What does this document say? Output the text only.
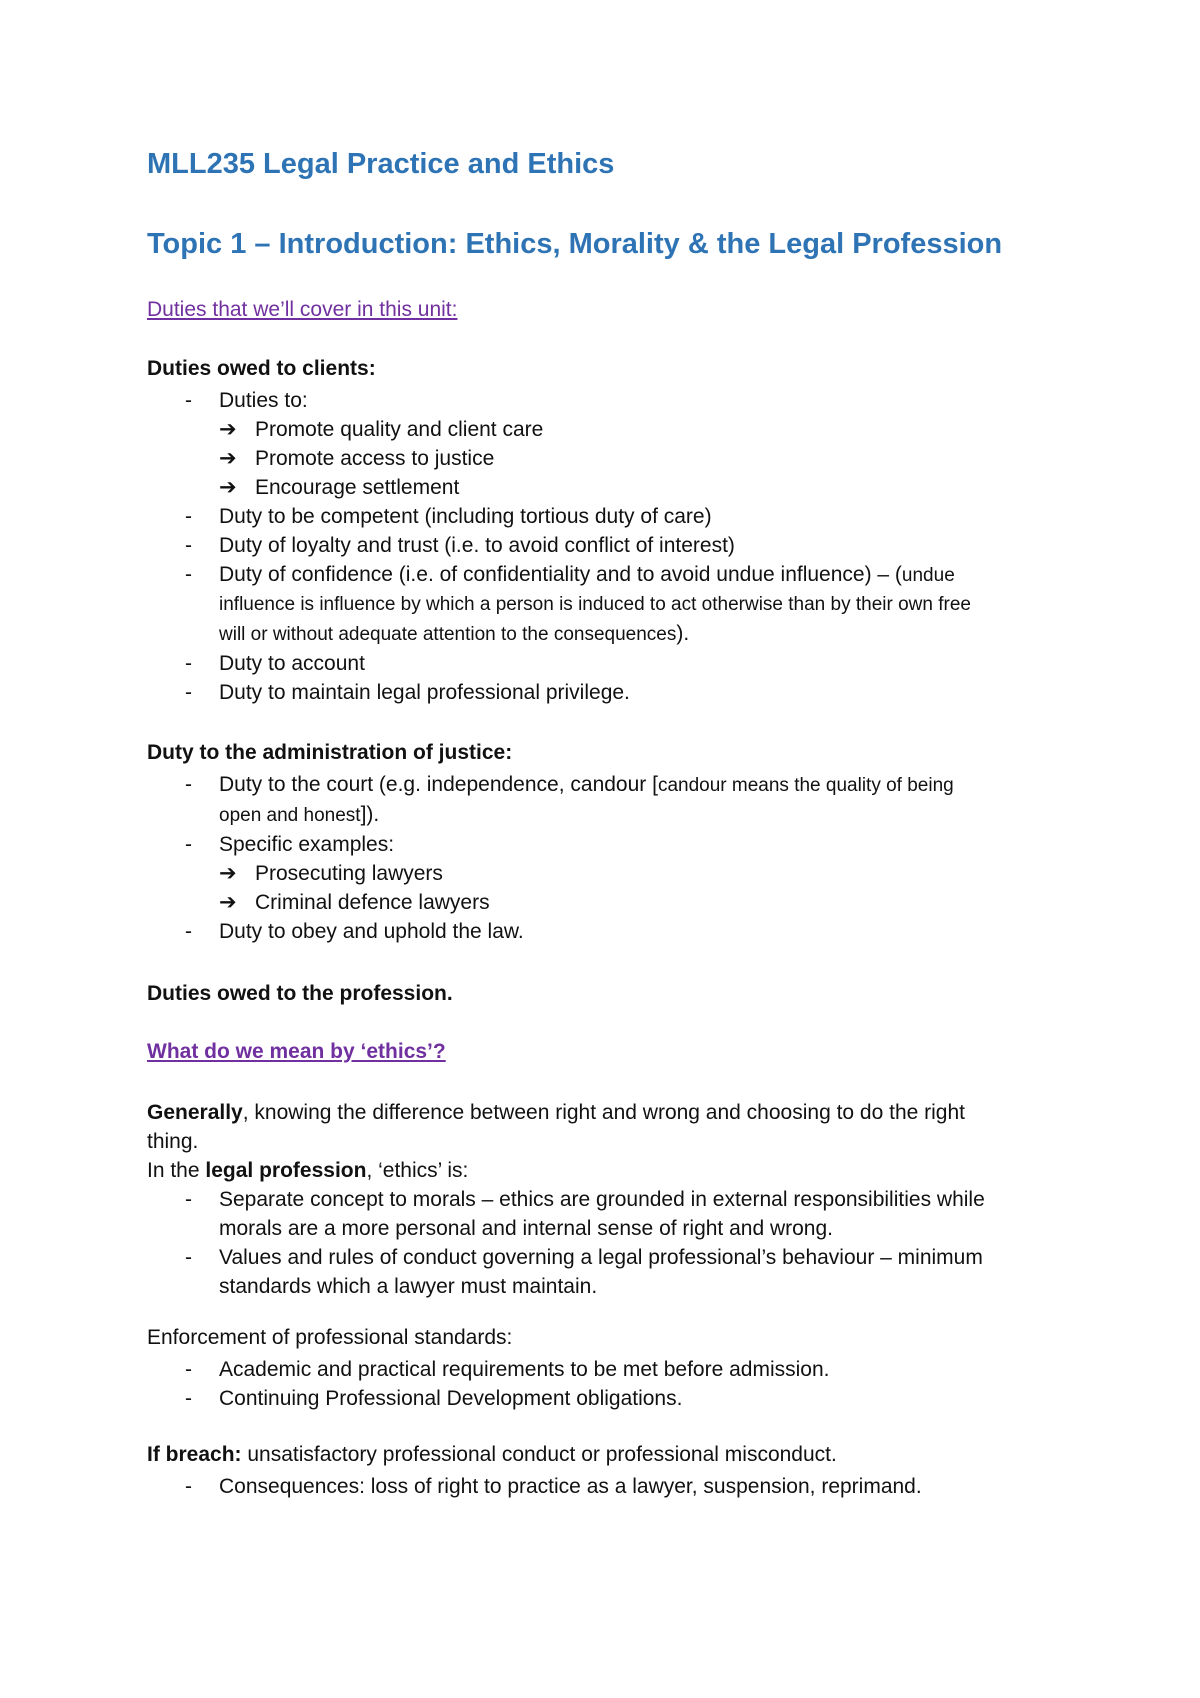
MLL235 Legal Practice and Ethics
Topic 1 – Introduction: Ethics, Morality & the Legal Profession
Duties that we’ll cover in this unit:
Duties owed to clients:
- Duties to:
➔ Promote quality and client care
➔ Promote access to justice
➔ Encourage settlement
- Duty to be competent (including tortious duty of care)
- Duty of loyalty and trust (i.e. to avoid conflict of interest)
- Duty of confidence (i.e. of confidentiality and to avoid undue influence) – (undue
influence is influence by which a person is induced to act otherwise than by their own free
will or without adequate attention to the consequences).
- Duty to account
- Duty to maintain legal professional privilege.
Duty to the administration of justice:
- Duty to the court (e.g. independence, candour [candour means the quality of being
open and honest]).
- Specific examples:
➔ Prosecuting lawyers
➔ Criminal defence lawyers
- Duty to obey and uphold the law.
Duties owed to the profession.
What do we mean by ‘ethics’?
Generally, knowing the difference between right and wrong and choosing to do the right
thing.
In the legal profession, ‘ethics’ is:
- Separate concept to morals – ethics are grounded in external responsibilities while
morals are a more personal and internal sense of right and wrong.
- Values and rules of conduct governing a legal professional’s behaviour – minimum
standards which a lawyer must maintain.
Enforcement of professional standards:
- Academic and practical requirements to be met before admission.
- Continuing Professional Development obligations.
If breach: unsatisfactory professional conduct or professional misconduct.
- Consequences: loss of right to practice as a lawyer, suspension, reprimand.
